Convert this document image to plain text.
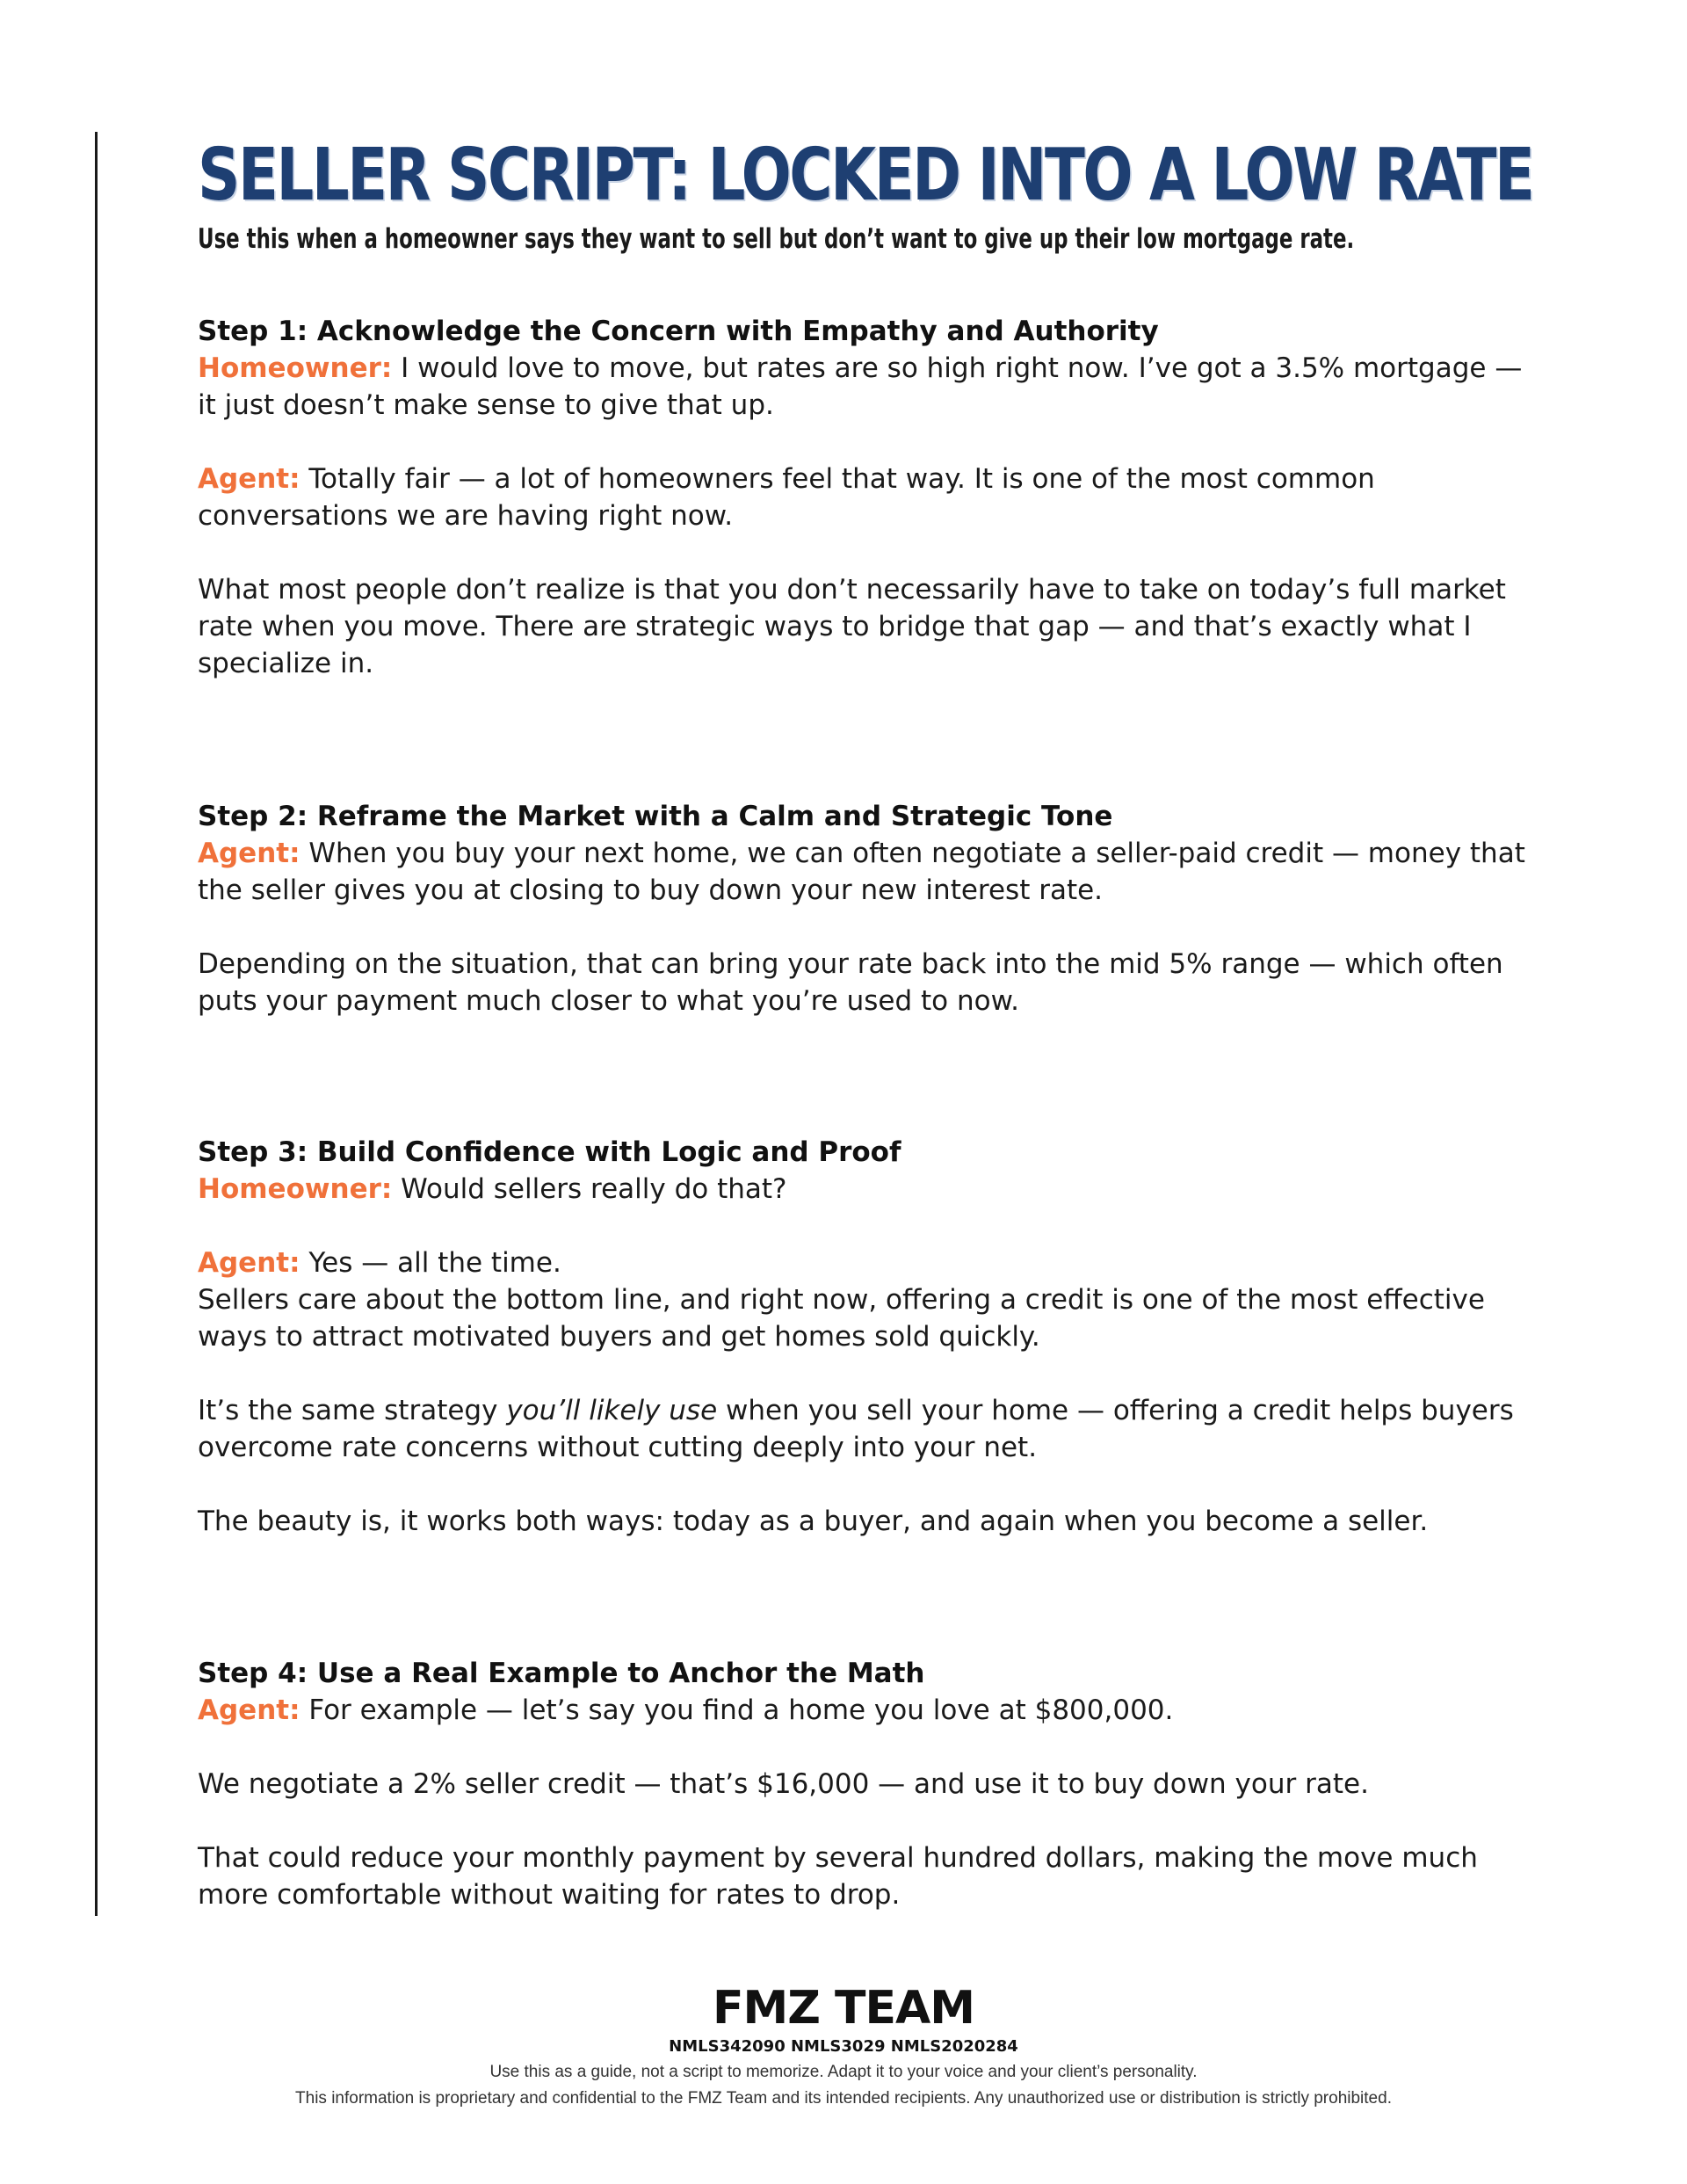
SELLER SCRIPT: LOCKED INTO A LOW RATE

Use this when a homeowner says they want to sell but don’t want to give up their low mortgage rate.

Step 1: Acknowledge the Concern with Empathy and Authority

Homeowner: I would love to move, but rates are so high right now. I’ve got a 3.5% mortgage — it just doesn’t make sense to give that up.

Agent: Totally fair — a lot of homeowners feel that way. It is one of the most common conversations we are having right now.

What most people don’t realize is that you don’t necessarily have to take on today’s full market rate when you move. There are strategic ways to bridge that gap — and that’s exactly what I specialize in.

Step 2: Reframe the Market with a Calm and Strategic Tone

Agent: When you buy your next home, we can often negotiate a seller-paid credit — money that the seller gives you at closing to buy down your new interest rate.

Depending on the situation, that can bring your rate back into the mid 5% range — which often puts your payment much closer to what you’re used to now.

Step 3: Build Confidence with Logic and Proof

Homeowner: Would sellers really do that?

Agent: Yes — all the time.
Sellers care about the bottom line, and right now, offering a credit is one of the most effective ways to attract motivated buyers and get homes sold quickly.

It’s the same strategy you’ll likely use when you sell your home — offering a credit helps buyers overcome rate concerns without cutting deeply into your net.

The beauty is, it works both ways: today as a buyer, and again when you become a seller.

Step 4: Use a Real Example to Anchor the Math

Agent: For example — let’s say you find a home you love at $800,000.

We negotiate a 2% seller credit — that’s $16,000 — and use it to buy down your rate.

That could reduce your monthly payment by several hundred dollars, making the move much more comfortable without waiting for rates to drop.

FMZ TEAM

NMLS342090 NMLS3029 NMLS2020284

Use this as a guide, not a script to memorize. Adapt it to your voice and your client’s personality.

This information is proprietary and confidential to the FMZ Team and its intended recipients. Any unauthorized use or distribution is strictly prohibited.
